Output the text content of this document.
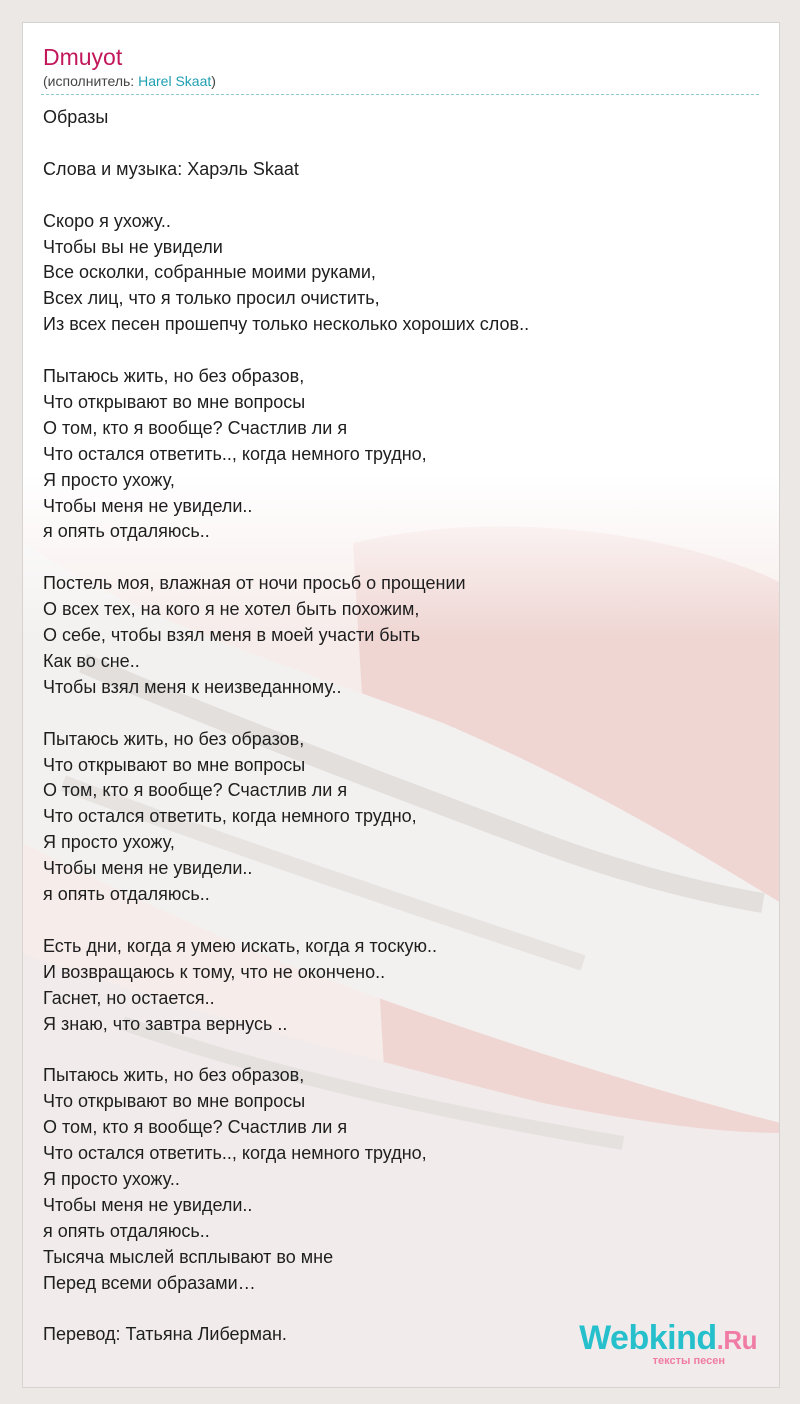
Dmuyot
(исполнитель: Harel Skaat)
Образы
Слова и музыка: Харэль Skaat
Скоро я ухожу..
Чтобы вы не увидели
Все осколки, собранные моими руками,
Всех лиц, что я только просил очистить,
Из всех песен прошепчу только несколько хороших слов..
Пытаюсь жить, но без образов,
Что открывают во мне вопросы
О том, кто я вообще? Счастлив ли я
Что остался ответить.., когда немного трудно,
Я просто ухожу,
Чтобы меня не увидели..
я опять отдаляюсь..
Постель моя, влажная от ночи просьб о прощении
О всех тех, на кого я не хотел быть похожим,
О себе, чтобы взял меня в моей участи быть
Как во сне..
Чтобы взял меня к неизведанному..
Пытаюсь жить, но без образов,
Что открывают во мне вопросы
О том, кто я вообще? Счастлив ли я
Что остался ответить, когда немного трудно,
Я просто ухожу,
Чтобы меня не увидели..
я опять отдаляюсь..
Есть дни, когда я умею искать, когда я тоскую..
И возвращаюсь к тому, что не окончено..
Гаснет, но остается..
Я знаю, что завтра вернусь ..
Пытаюсь жить, но без образов,
Что открывают во мне вопросы
О том, кто я вообще? Счастлив ли я
Что остался ответить.., когда немного трудно,
Я просто ухожу..
Чтобы меня не увидели..
я опять отдаляюсь..
Тысяча мыслей всплывают во мне
Перед всеми образами…
Перевод: Татьяна Либерман.	Webkind.Ru
тексты песен
